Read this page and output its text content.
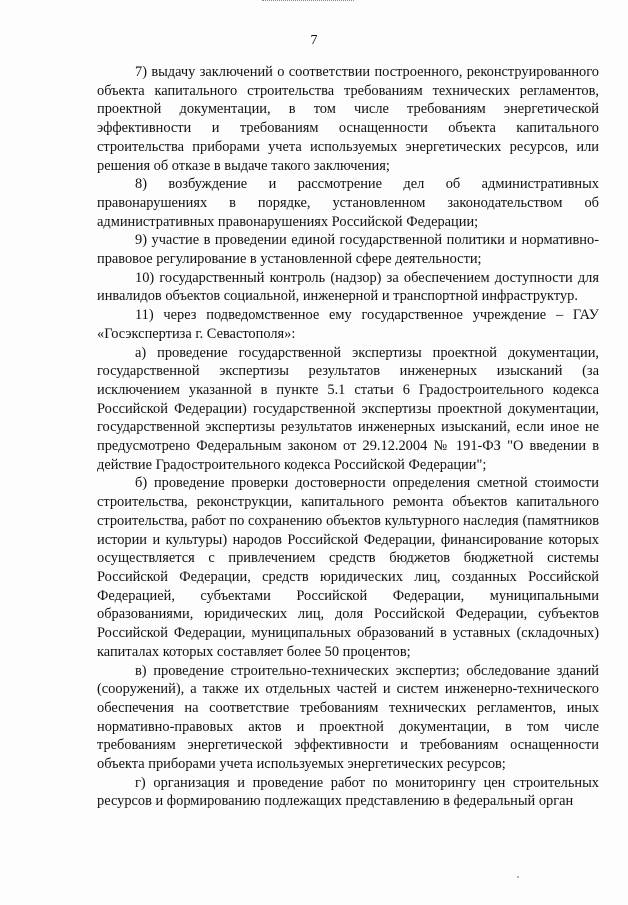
7

7) выдачу заключений о соответствии построенного, реконструированного объекта капитального строительства требованиям технических регламентов, проектной документации, в том числе требованиям энергетической эффективности и требованиям оснащенности объекта капитального строительства приборами учета используемых энергетических ресурсов, или решения об отказе в выдаче такого заключения;

8) возбуждение и рассмотрение дел об административных правонарушениях в порядке, установленном законодательством об административных правонарушениях Российской Федерации;

9) участие в проведении единой государственной политики и нормативно-правовое регулирование в установленной сфере деятельности;

10) государственный контроль (надзор) за обеспечением доступности для инвалидов объектов социальной, инженерной и транспортной инфраструктур.

11) через подведомственное ему государственное учреждение – ГАУ «Госэкспертиза г. Севастополя»:

а) проведение государственной экспертизы проектной документации, государственной экспертизы результатов инженерных изысканий (за исключением указанной в пункте 5.1 статьи 6 Градостроительного кодекса Российской Федерации) государственной экспертизы проектной документации, государственной экспертизы результатов инженерных изысканий, если иное не предусмотрено Федеральным законом от 29.12.2004 № 191-ФЗ "О введении в действие Градостроительного кодекса Российской Федерации";

б) проведение проверки достоверности определения сметной стоимости строительства, реконструкции, капитального ремонта объектов капитального строительства, работ по сохранению объектов культурного наследия (памятников истории и культуры) народов Российской Федерации, финансирование которых осуществляется с привлечением средств бюджетов бюджетной системы Российской Федерации, средств юридических лиц, созданных Российской Федерацией, субъектами Российской Федерации, муниципальными образованиями, юридических лиц, доля Российской Федерации, субъектов Российской Федерации, муниципальных образований в уставных (складочных) капиталах которых составляет более 50 процентов;

в) проведение строительно-технических экспертиз; обследование зданий (сооружений), а также их отдельных частей и систем инженерно-технического обеспечения на соответствие требованиям технических регламентов, иных нормативно-правовых актов и проектной документации, в том числе требованиям энергетической эффективности и требованиям оснащенности объекта приборами учета используемых энергетических ресурсов;

г) организация и проведение работ по мониторингу цен строительных ресурсов и формированию подлежащих представлению в федеральный орган
